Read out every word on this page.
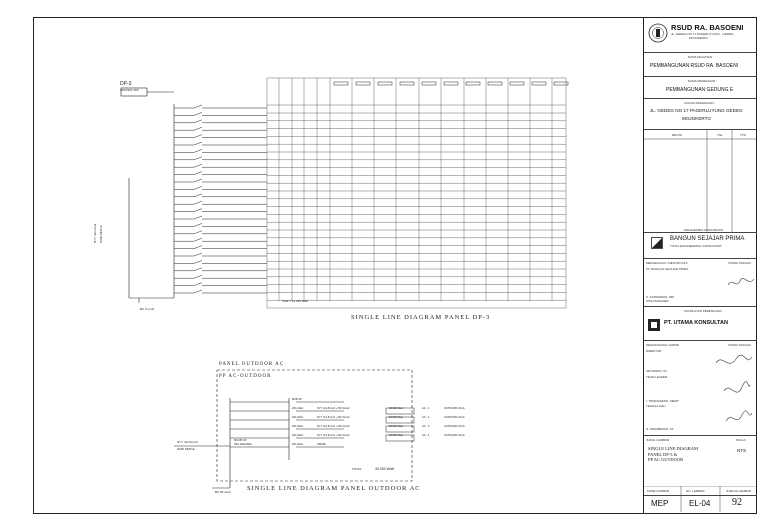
DP-3
400/230V 3Ph
Total = 12.225 Watt
NYY 4x6 mm2 DARI MDP-E
BC 6 mm2
SINGLE LINE DIAGRAM PANEL DP-3
PANEL OUTDOOR AC
PP AC-OUTDOOR
NYY 4x2,5mm2
DARI MDP-E
BC 50 mm2
MCCB 3P
63A 10kA/36A
TOTAL	30.000 Watt
SINGLE LINE DIAGRAM PANEL OUTDOOR AC
MCB 3P
20A 10kA	NYY 4x2,5mm2 + BC 6mm2	15.000 Watt	AC - 1	OUTDOOR 24 kA
20A 10kA	NYY 4x2,5mm2 + BC 6mm2	15.000 Watt	AC - 2	OUTDOOR 24 kA
20A 10kA	NYY 4x2,5mm2 + BC 6mm2	15.000 Watt	AC - 3	OUTDOOR 24 kA
20A 10kA	NYY 4x2,5mm2 + BC 6mm2	15.000 Watt	AC - 4	OUTDOOR 24 kA
20A 10kA	SPARE
RSUD RA. BASOENI
JL. GEDEG NO 17 PAGERLUYUNG - GEDEG
MOJOKERTO
NAMA KEGIATAN :
PEMBANGUNAN RSUD RA. BASOENI
NAMA PEKERJAAN :
PEMBANGUNAN GEDUNG E
LOKASI PEKERJAAN :
JL. GEDEG NO 17 PAGERLUYUNG GEDEG
MOJOKERTO
REVISI	TGL	TTD
MANAJEMEN KONSTRUKSI
BANGUN SEJAJAR PRIMA
TOTAL ENGINEERING CONSULTANT
MENGETAHUI / MENYETUJUI	TANDA TANGAN
PT. BANGUN SEJAJAR PRIMA
S. DARMAWAN, MM
SITE MANAGER
KONSULTAN PERENCANA :
PT. UTAMA KONSULTAN
PENANGGUNG JAWAB	TANDA TANGAN
DIREKTUR
SETIAWAN, ST
TEAM LEADER :
I. TRISNOSENO, MEMT
TENAGA AHLI :
H. PRIAMBODO, ST
JUDUL GAMBAR	SKALA
SINGLE LINE DIAGRAM
PANEL DP-3 &
PP AC OUTDOOR
NTS
KODE GAMBAR	NO. LEMBAR	JUMLAH LEMBAR
MEP	EL-04 92
